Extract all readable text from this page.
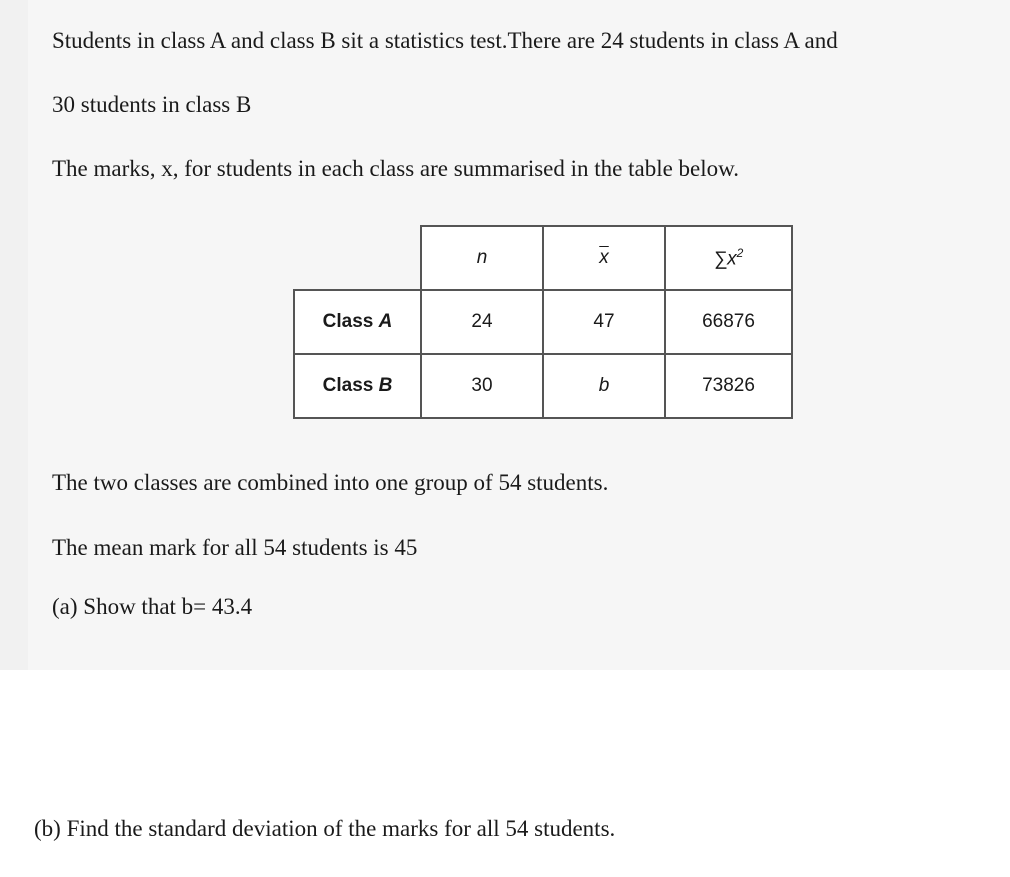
Students in class A and class B sit a statistics test.There are 24 students in class A and
30 students in class B
The marks, x, for students in each class are summarised in the table below.
	n	$\overline{x}$	$\sum x^2$
Class A	24	47	66876
Class B	30	b	73826
The two classes are combined into one group of 54 students.
The mean mark for all 54 students is 45
(a) Show that b= 43.4
(b) Find the standard deviation of the marks for all 54 students.
